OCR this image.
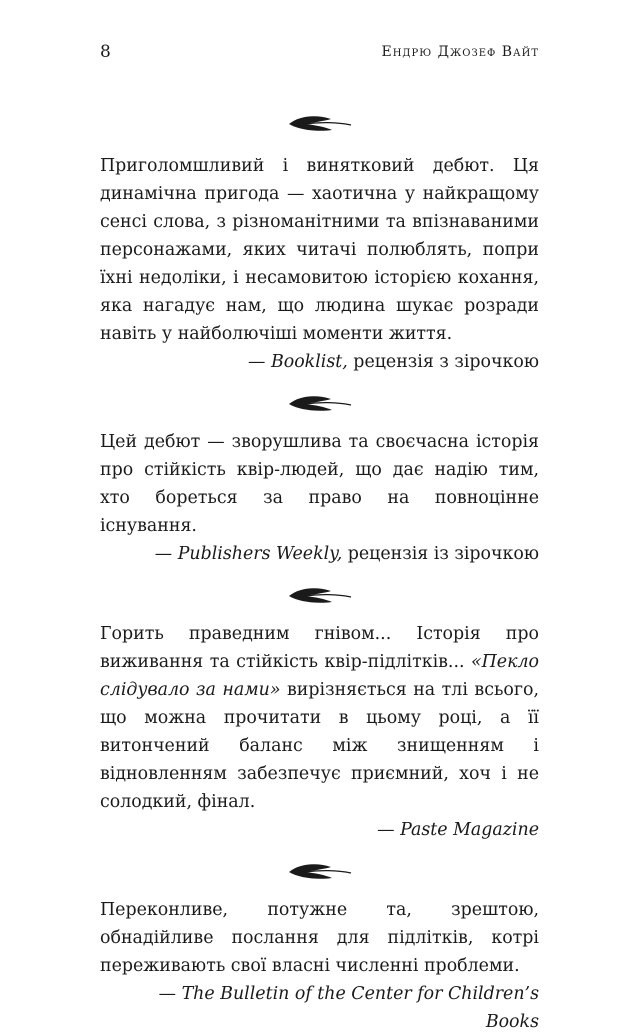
8	Ендрю Джозеф Вайт

Приголомшливий і винятковий дебют. Ця динамічна пригода — хаотична у найкращому сенсі слова, з різноманітними та впізнаваними персонажами, яких читачі полюблять, попри їхні недоліки, і несамовитою історією кохання, яка нагадує нам, що людина шукає розради навіть у найболючіші моменти життя.

— Booklist, рецензія з зірочкою

Цей дебют — зворушлива та своєчасна історія про стійкість квір-людей, що дає надію тим, хто бореться за право на повноцінне існування.

— Publishers Weekly, рецензія із зірочкою

Горить праведним гнівом... Історія про виживання та стійкість квір-підлітків... «Пекло слідувало за нами» вирізняється на тлі всього, що можна прочитати в цьому році, а її витончений баланс між знищенням і відновленням забезпечує приємний, хоч і не солодкий, фінал.

— Paste Magazine

Переконливе, потужне та, зрештою, обнадійливе послання для підлітків, котрі переживають свої власні численні проблеми.

— The Bulletin of the Center for Children’s Books
